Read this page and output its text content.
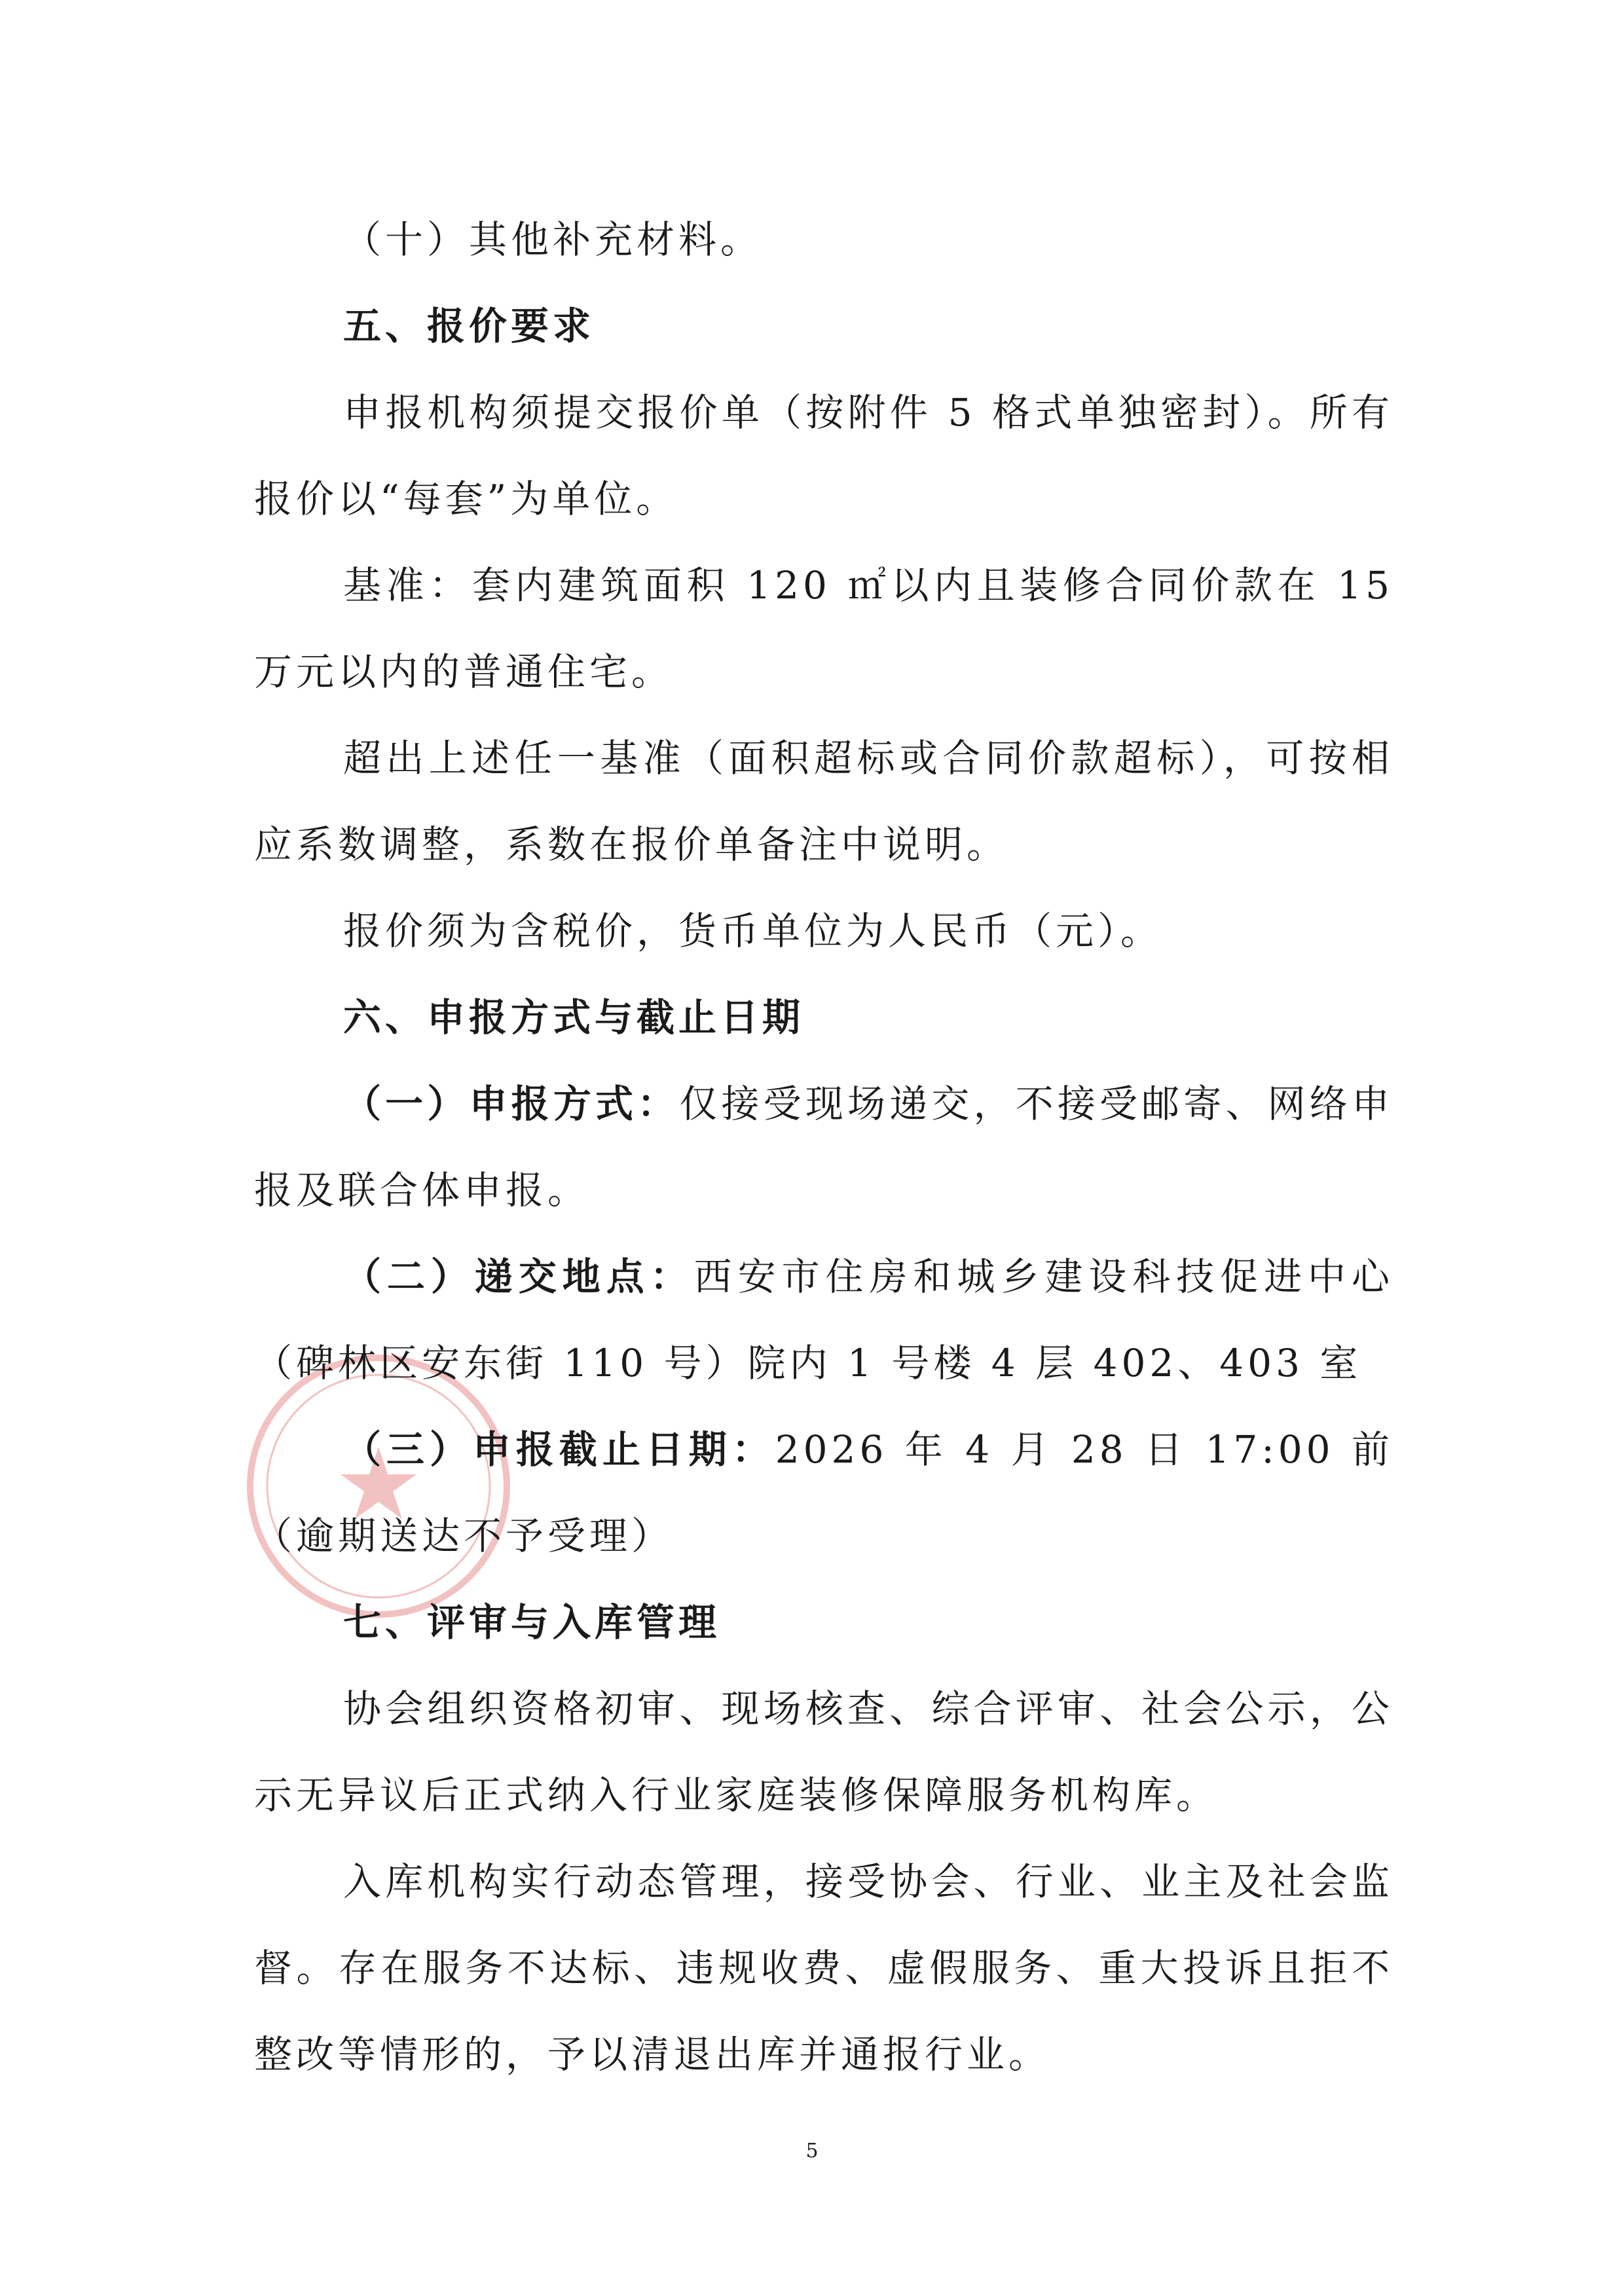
（十）其他补充材料。

五、报价要求

申报机构须提交报价单（按附件 5 格式单独密封）。所有报价以“每套”为单位。

基准：套内建筑面积 120 ㎡以内且装修合同价款在 15 万元以内的普通住宅。

超出上述任一基准（面积超标或合同价款超标），可按相应系数调整，系数在报价单备注中说明。

报价须为含税价，货币单位为人民币（元）。

六、申报方式与截止日期

（一）申报方式：仅接受现场递交，不接受邮寄、网络申报及联合体申报。

（二）递交地点：西安市住房和城乡建设科技促进中心（碑林区安东街 110 号）院内 1 号楼 4 层 402、403 室

（三）申报截止日期：2026 年 4 月 28 日 17:00 前（逾期送达不予受理）

七、评审与入库管理

协会组织资格初审、现场核查、综合评审、社会公示，公示无异议后正式纳入行业家庭装修保障服务机构库。

入库机构实行动态管理，接受协会、行业、业主及社会监督。存在服务不达标、违规收费、虚假服务、重大投诉且拒不整改等情形的，予以清退出库并通报行业。

5
